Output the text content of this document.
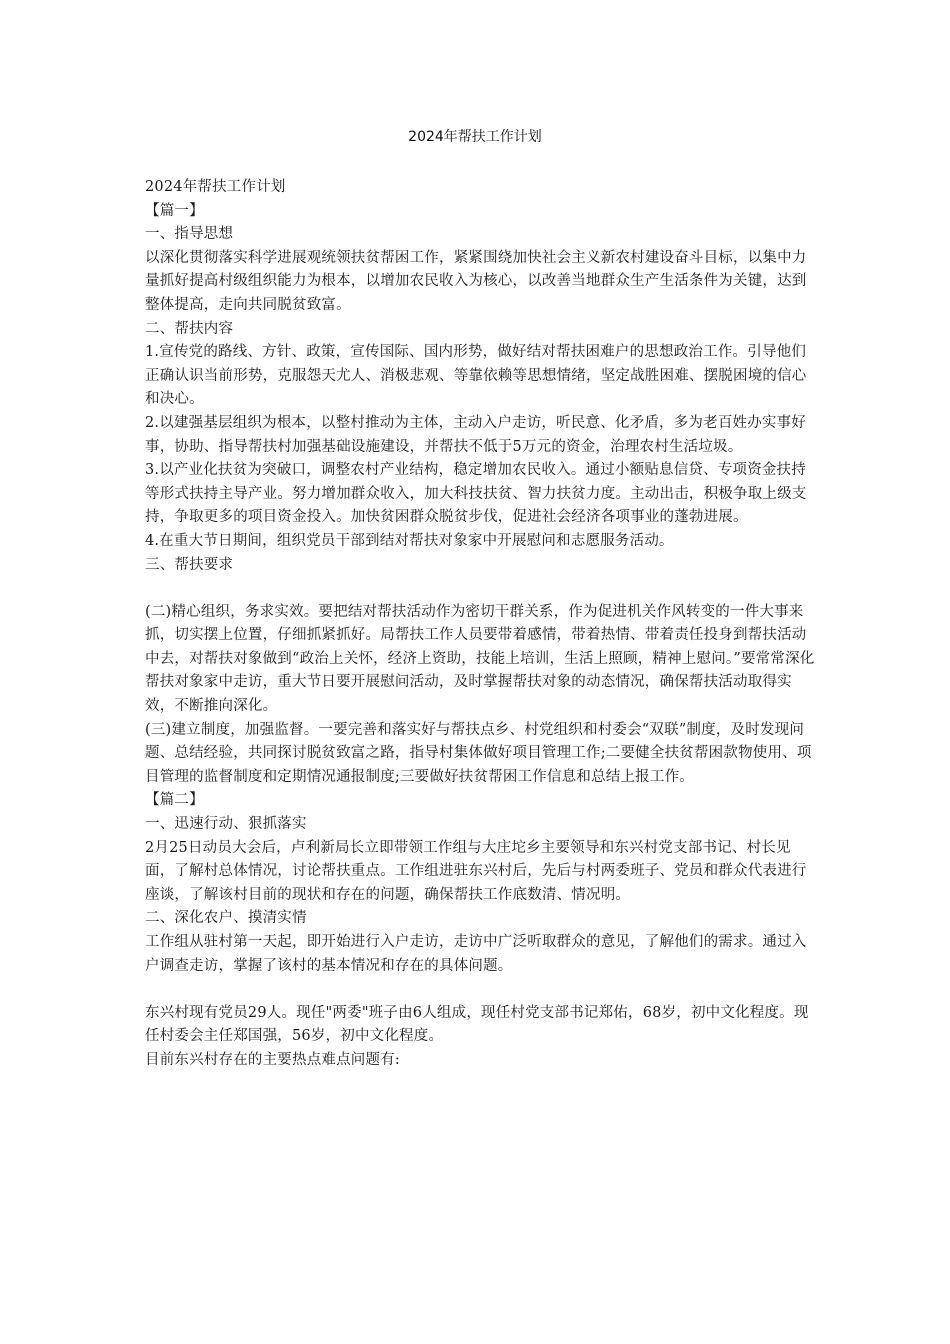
2024年帮扶工作计划

2024年帮扶工作计划

【篇一】

一、指导思想

以深化贯彻落实科学进展观统领扶贫帮困工作，紧紧围绕加快社会主义新农村建设奋斗目标，以集中力量抓好提高村级组织能力为根本，以增加农民收入为核心，以改善当地群众生产生活条件为关键，达到整体提高，走向共同脱贫致富。

二、帮扶内容

1.宣传党的路线、方针、政策，宣传国际、国内形势，做好结对帮扶困难户的思想政治工作。引导他们正确认识当前形势，克服怨天尤人、消极悲观、等靠依赖等思想情绪，坚定战胜困难、摆脱困境的信心和决心。

2.以建强基层组织为根本，以整村推动为主体，主动入户走访，听民意、化矛盾，多为老百姓办实事好事，协助、指导帮扶村加强基础设施建设，并帮扶不低于5万元的资金，治理农村生活垃圾。

3.以产业化扶贫为突破口，调整农村产业结构，稳定增加农民收入。通过小额贴息信贷、专项资金扶持等形式扶持主导产业。努力增加群众收入，加大科技扶贫、智力扶贫力度。主动出击，积极争取上级支持，争取更多的项目资金投入。加快贫困群众脱贫步伐，促进社会经济各项事业的蓬勃进展。

4.在重大节日期间，组织党员干部到结对帮扶对象家中开展慰问和志愿服务活动。

三、帮扶要求

(二)精心组织，务求实效。要把结对帮扶活动作为密切干群关系，作为促进机关作风转变的一件大事来抓，切实摆上位置，仔细抓紧抓好。局帮扶工作人员要带着感情，带着热情、带着责任投身到帮扶活动中去，对帮扶对象做到“政治上关怀，经济上资助，技能上培训，生活上照顾，精神上慰问。”要常常深化帮扶对象家中走访，重大节日要开展慰问活动，及时掌握帮扶对象的动态情况，确保帮扶活动取得实效，不断推向深化。

(三)建立制度，加强监督。一要完善和落实好与帮扶点乡、村党组织和村委会“双联”制度，及时发现问题、总结经验，共同探讨脱贫致富之路，指导村集体做好项目管理工作;二要健全扶贫帮困款物使用、项目管理的监督制度和定期情况通报制度;三要做好扶贫帮困工作信息和总结上报工作。

【篇二】

一、迅速行动、狠抓落实

2月25日动员大会后，卢利新局长立即带领工作组与大庄坨乡主要领导和东兴村党支部书记、村长见面，了解村总体情况，讨论帮扶重点。工作组进驻东兴村后，先后与村两委班子、党员和群众代表进行座谈，了解该村目前的现状和存在的问题，确保帮扶工作底数清、情况明。

二、深化农户、摸清实情

工作组从驻村第一天起，即开始进行入户走访，走访中广泛听取群众的意见，了解他们的需求。通过入户调查走访，掌握了该村的基本情况和存在的具体问题。

东兴村现有党员29人。现任"两委"班子由6人组成，现任村党支部书记郑佑，68岁，初中文化程度。现任村委会主任郑国强，56岁，初中文化程度。

目前东兴村存在的主要热点难点问题有:
